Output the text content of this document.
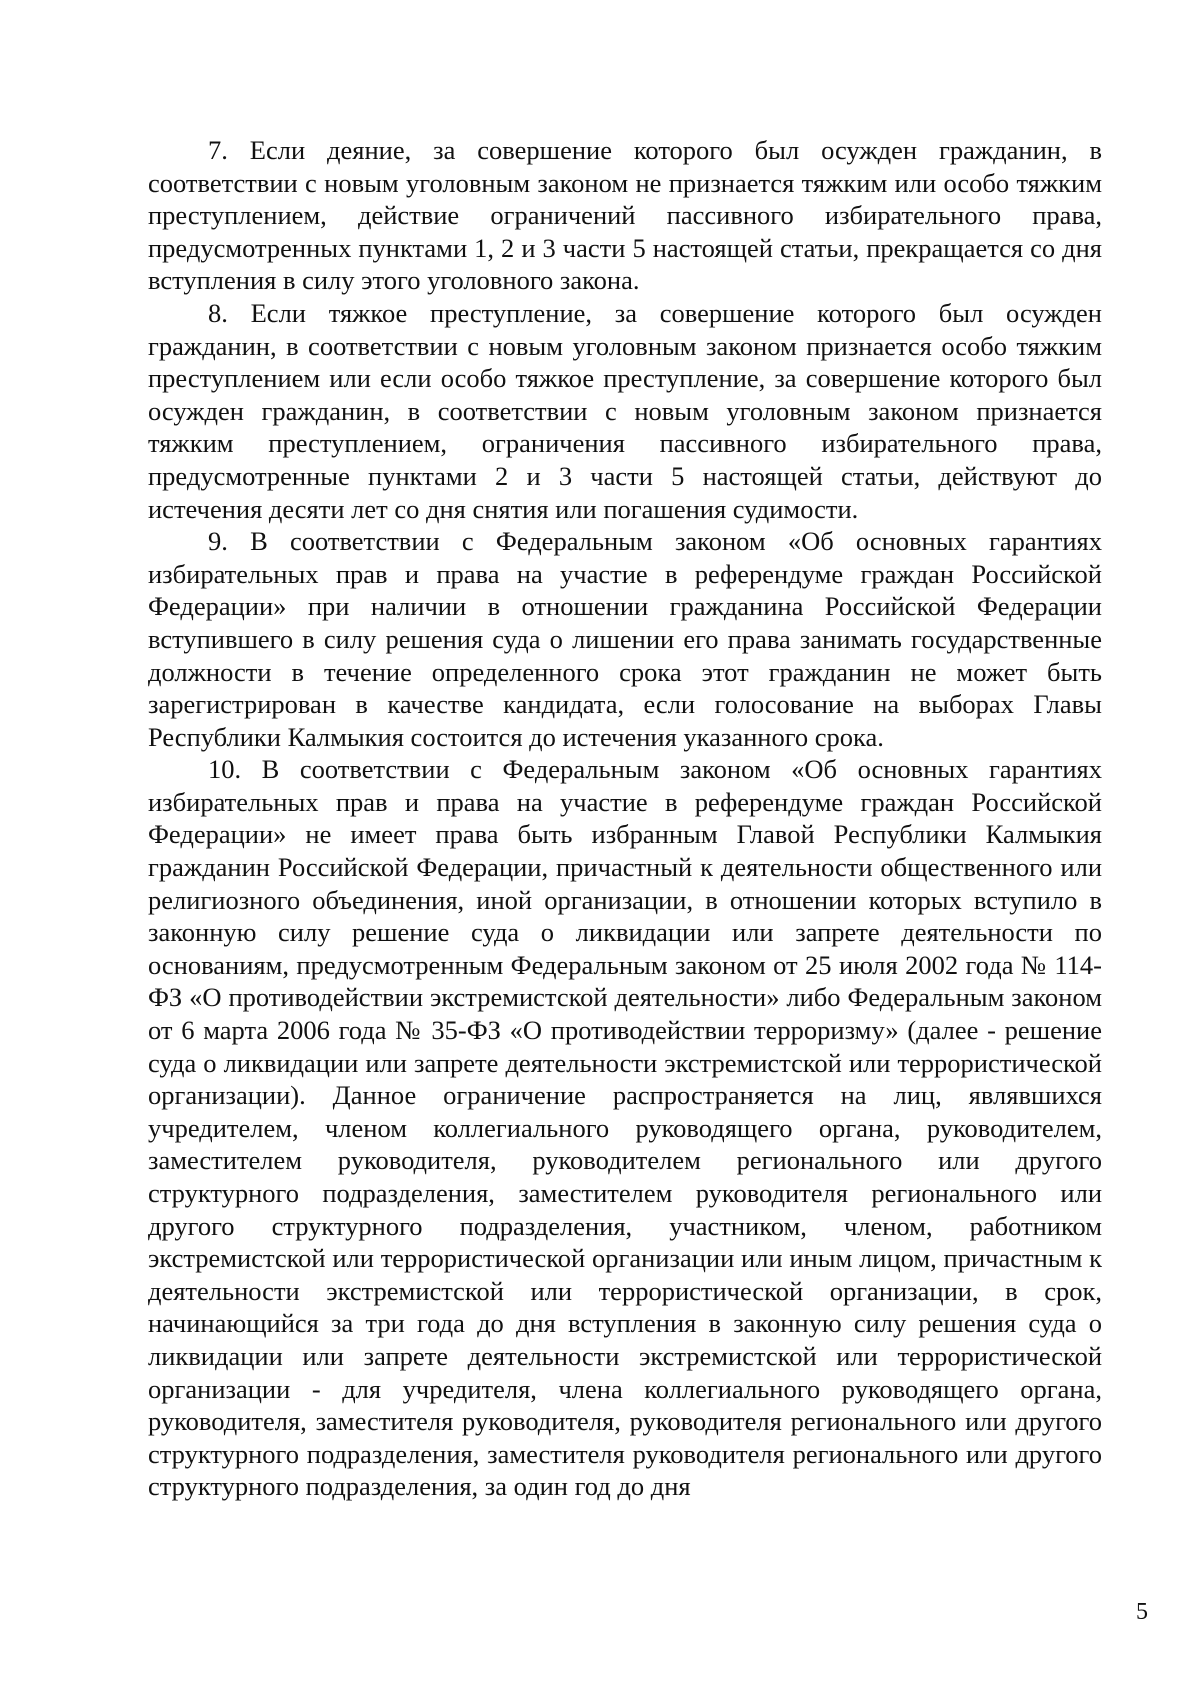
7. Если деяние, за совершение которого был осужден гражданин, в соответствии с новым уголовным законом не признается тяжким или особо тяжким преступлением, действие ограничений пассивного избирательного права, предусмотренных пунктами 1, 2 и 3 части 5 настоящей статьи, прекращается со дня вступления в силу этого уголовного закона.

8. Если тяжкое преступление, за совершение которого был осужден гражданин, в соответствии с новым уголовным законом признается особо тяжким преступлением или если особо тяжкое преступление, за совершение которого был осужден гражданин, в соответствии с новым уголовным законом признается тяжким преступлением, ограничения пассивного избирательного права, предусмотренные пунктами 2 и 3 части 5 настоящей статьи, действуют до истечения десяти лет со дня снятия или погашения судимости.

9. В соответствии с Федеральным законом «Об основных гарантиях избирательных прав и права на участие в референдуме граждан Российской Федерации» при наличии в отношении гражданина Российской Федерации вступившего в силу решения суда о лишении его права занимать государственные должности в течение определенного срока этот гражданин не может быть зарегистрирован в качестве кандидата, если голосование на выборах Главы Республики Калмыкия состоится до истечения указанного срока.

10. В соответствии с Федеральным законом «Об основных гарантиях избирательных прав и права на участие в референдуме граждан Российской Федерации» не имеет права быть избранным Главой Республики Калмыкия гражданин Российской Федерации, причастный к деятельности общественного или религиозного объединения, иной организации, в отношении которых вступило в законную силу решение суда о ликвидации или запрете деятельности по основаниям, предусмотренным Федеральным законом от 25 июля 2002 года № 114-ФЗ «О противодействии экстремистской деятельности» либо Федеральным законом от 6 марта 2006 года № 35-ФЗ «О противодействии терроризму» (далее - решение суда о ликвидации или запрете деятельности экстремистской или террористической организации). Данное ограничение распространяется на лиц, являвшихся учредителем, членом коллегиального руководящего органа, руководителем, заместителем руководителя, руководителем регионального или другого структурного подразделения, заместителем руководителя регионального или другого структурного подразделения, участником, членом, работником экстремистской или террористической организации или иным лицом, причастным к деятельности экстремистской или террористической организации, в срок, начинающийся за три года до дня вступления в законную силу решения суда о ликвидации или запрете деятельности экстремистской или террористической организации - для учредителя, члена коллегиального руководящего органа, руководителя, заместителя руководителя, руководителя регионального или другого структурного подразделения, заместителя руководителя регионального или другого структурного подразделения, за один год до дня

5
